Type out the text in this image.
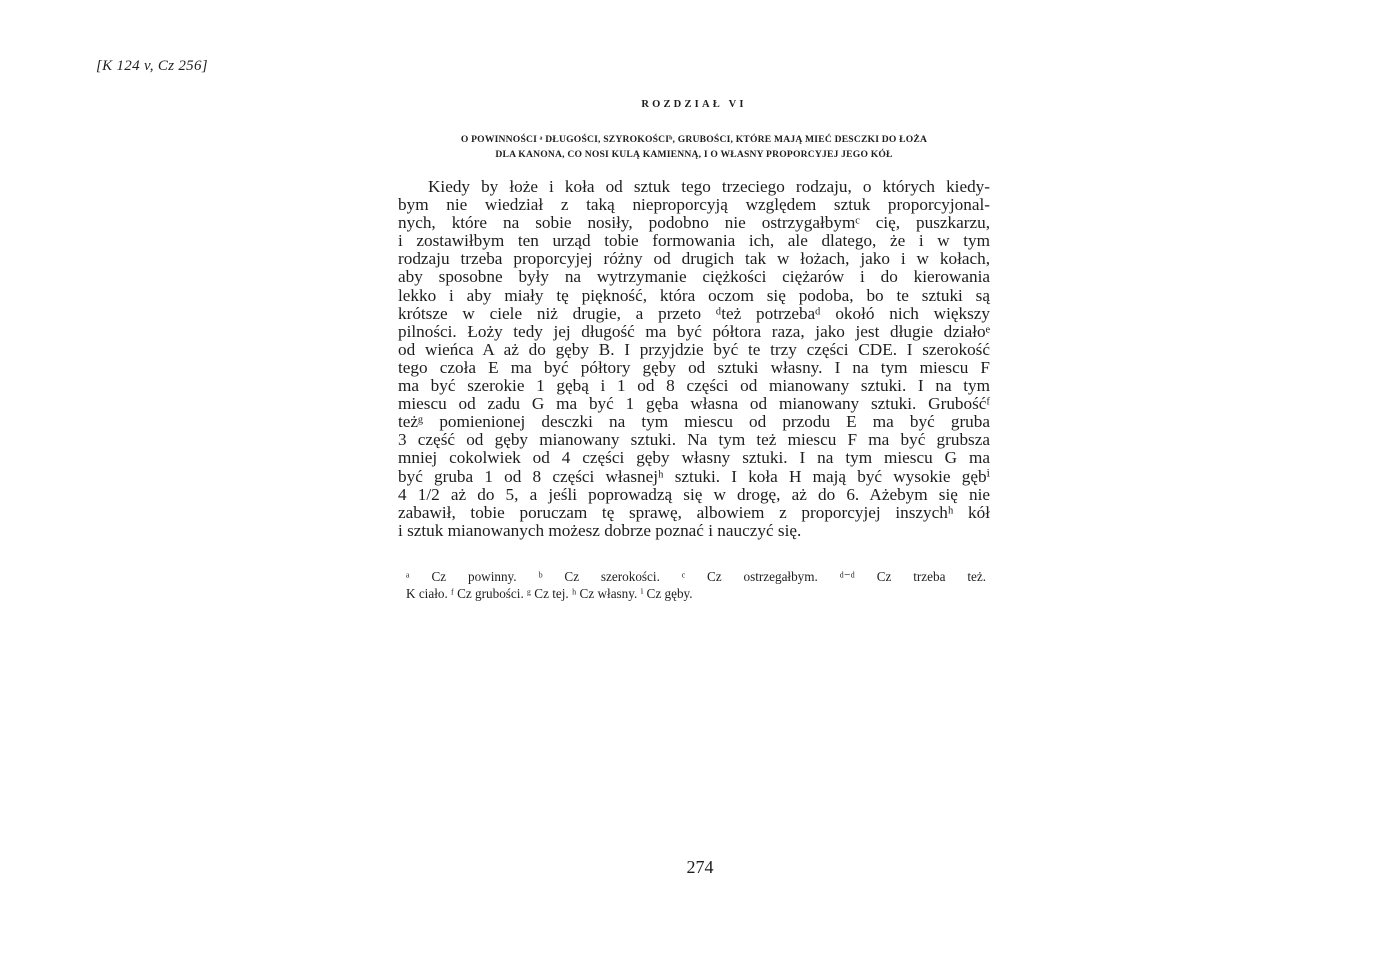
[K 124 v, Cz 256]
ROZDZIAŁ VI
O POWINNOŚCI ᵃ DŁUGOŚCI, SZYROKOŚCIᵇ, GRUBOŚCI, KTÓRE MAJĄ MIEĆ DESCZKI DO ŁOŻA
DLA KANONA, CO NOSI KULĄ KAMIENNĄ, I O WŁASNY PROPORCYJEJ JEGO KÓŁ
Kiedy by łoże i koła od sztuk tego trzeciego rodzaju, o których kiedy-
bym nie wiedział z taką nieproporcyją względem sztuk proporcyjonal-
nych, które na sobie nosiły, podobno nie ostrzygałbymᶜ cię, puszkarzu,
i zostawiłbym ten urząd tobie formowania ich, ale dlatego, że i w tym
rodzaju trzeba proporcyjej różny od drugich tak w łożach, jako i w kołach,
aby sposobne były na wytrzymanie ciężkości ciężarów i do kierowania
lekko i aby miały tę piękność, która oczom się podoba, bo te sztuki są
krótsze w ciele niż drugie, a przeto ᵈteż potrzebaᵈ okołó nich większy
pilności. Łoży tedy jej długość ma być półtora raza, jako jest długie działoᵉ
od wieńca A aż do gęby B. I przyjdzie być te trzy części CDE. I szerokość
tego czoła E ma być półtory gęby od sztuki własny. I na tym miescu F
ma być szerokie 1 gębą i 1 od 8 części od mianowany sztuki. I na tym
miescu od zadu G ma być 1 gęba własna od mianowany sztuki. Grubośćᶠ
teżᵍ pomienionej desczki na tym miescu od przodu E ma być gruba
3 część od gęby mianowany sztuki. Na tym też miescu F ma być grubsza
mniej cokolwiek od 4 części gęby własny sztuki. I na tym miescu G ma
być gruba 1 od 8 części własnejʰ sztuki. I koła H mają być wysokie gębⁱ
4 1/2 aż do 5, a jeśli poprowadzą się w drogę, aż do 6. Ażebym się nie
zabawił, tobie poruczam tę sprawę, albowiem z proporcyjej inszychʰ kół
i sztuk mianowanych możesz dobrze poznać i nauczyć się.
ᵃ Cz powinny. ᵇ Cz szerokości. ᶜ Cz ostrzegałbym. ᵈ⁻ᵈ Cz trzeba też.
K ciało. ᶠ Cz grubości. ᵍ Cz tej. ʰ Cz własny. ⁱ Cz gęby.
274
